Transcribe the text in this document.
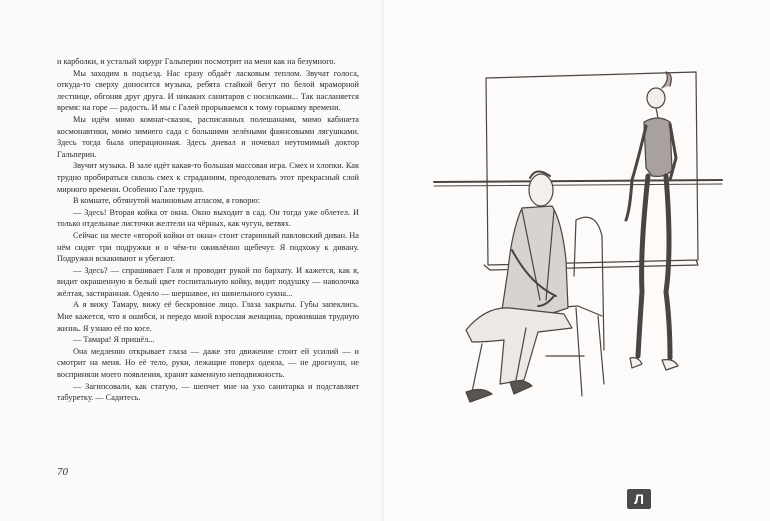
и карболки, и усталый хирург Гальперин посмотрит на меня как на безумного.

Мы заходим в подъезд. Нас сразу обдаёт ласковым теплом. Звучат голоса, откуда-то сверху доносится музыка, ребята стайкой бегут по белой мраморной лестнице, обгоняя друг друга. И никаких санитаров с носилками... Так насланяется время: на горе — радость. И мы с Галей прорываемся к тому горькому времени.

Мы идём мимо комнат-сказок, расписанных полешанами, мимо кабинета космонавтики, мимо зимнего сада с большими зелёными фаянсовыми лягушками. Здесь тогда была операционная. Здесь дневал и ночевал неутомимый доктор Гальперин.

Звучит музыка. В зале идёт какая-то большая массовая игра. Смех и хлопки. Как трудно пробираться сквозь смех к страданиям, преодолевать этот прекрасный слой мирного времени. Особенно Гале трудно.

В комнате, обтянутой малиновым атласом, я говорю:

— Здесь! Вторая койка от окна. Окно выходит в сад. Он тогда уже облетел. И только отдельные листочки желтели на чёрных, как чугун, ветвях.

Сейчас на месте «второй койки от окна» стоит старинный павловский диван. На нём сидят три подружки и о чём-то оживлённо щебечут. Я подхожу к дивану. Подружки вскакивают и убегают.

— Здесь? — спрашивает Галя и проводит рукой по бархату. И кажется, как я, видит окрашенную в белый цвет госпитальную койку, видит подушку — наволочка жёлтая, застиранная. Одеяло — шершавое, из шинельного сукна...

А я вижу Тамару, вижу её бескровное лицо. Глаза закрыты. Губы запеклись. Мне кажется, что я ошибся, и передо мной взрослая женщина, прожившая трудную жизнь. Я узнаю её по косе.

— Тамара! Я пришёл...

Она медленно открывает глаза — даже это движение стоит ей усилий — и смотрит на меня. Но её тело, руки, лежащие поверх одеяла, — не дрогнули, не восприняли моего появления, хранят каменную неподвижность.

— Загипсовали, как статую, — шепчет мне на ухо санитарка и подставляет табуретку. — Садитесь.

70
Л
